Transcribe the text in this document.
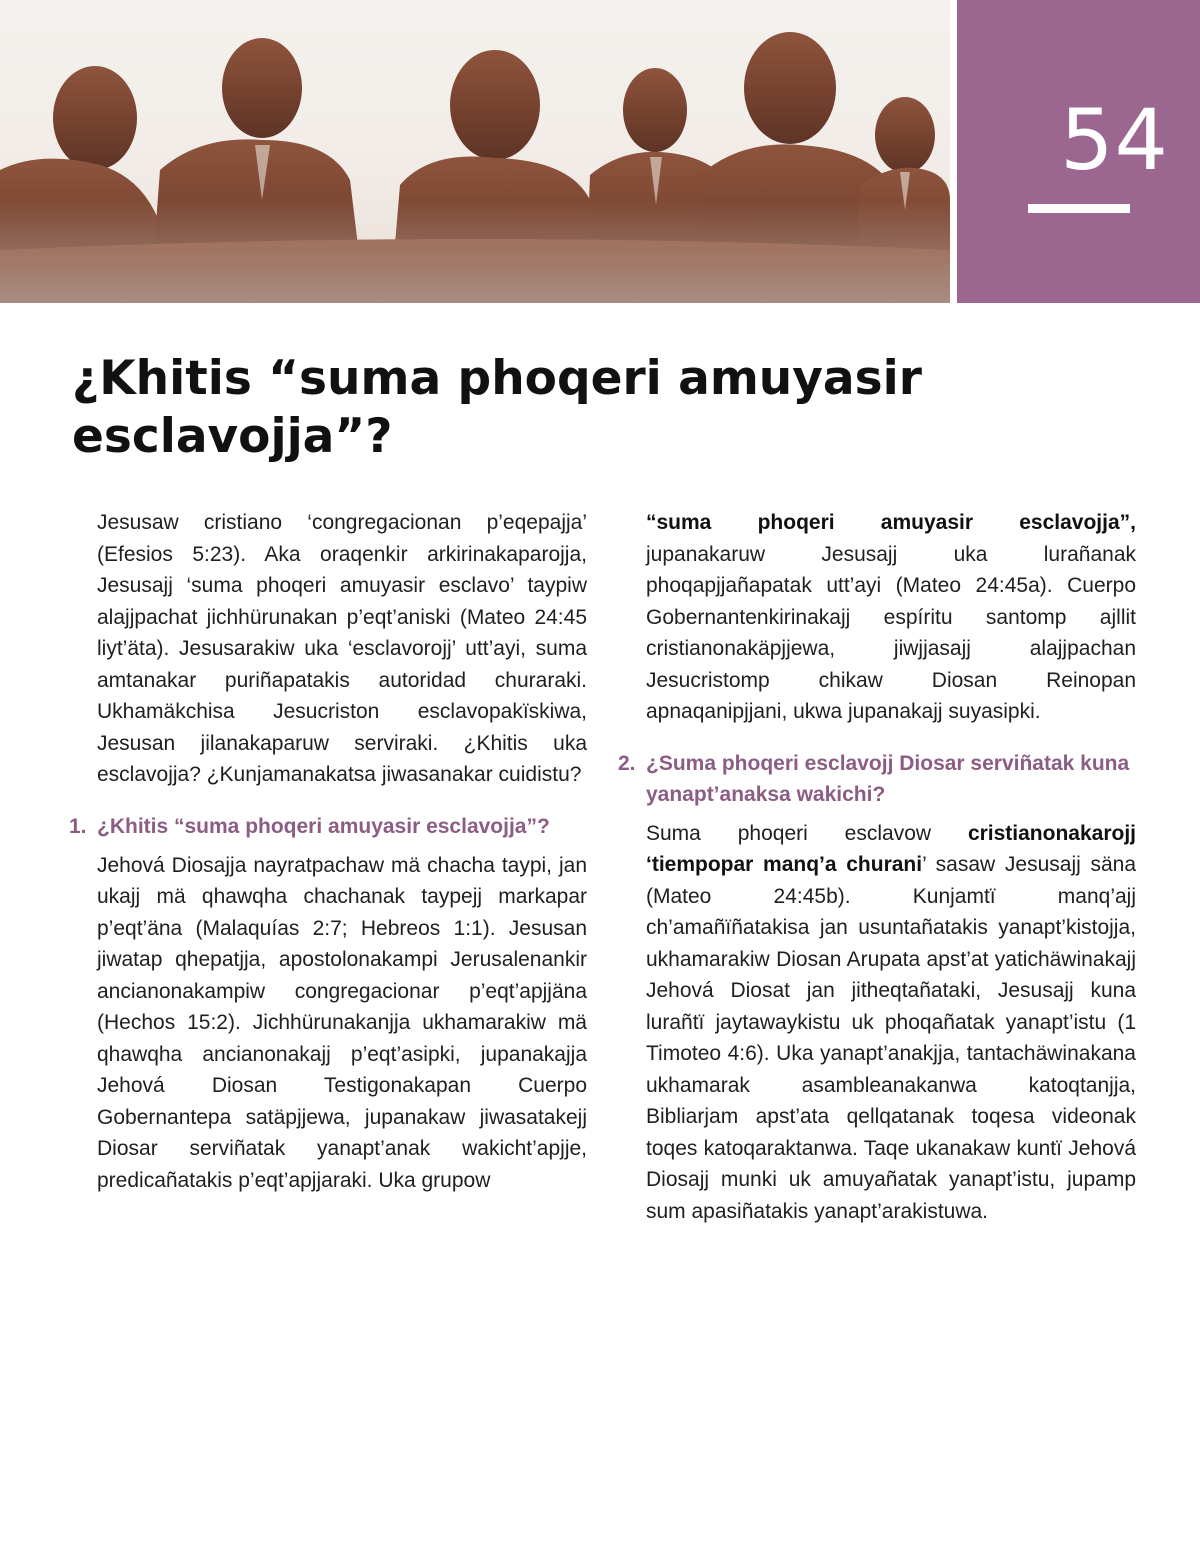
54
¿Khitis “suma phoqeri amuyasir esclavojja”?

Jesusaw cristiano ‘congregacionan p’eqepajja’ (Efesios 5:23). Aka oraqenkir arkirinakaparojja, Jesusajj ‘suma phoqeri amuyasir esclavo’ taypiw alajjpachat jichhürunakan p’eqt’aniski (Mateo 24:45 liyt’äta). Jesusarakiw uka ‘esclavorojj’ utt’ayi, suma amtanakar puriñapatakis autoridad churaraki. Ukhamäkchisa Jesucriston esclavopakïskiwa, Jesusan jilanakaparuw serviraki. ¿Khitis uka esclavojja? ¿Kunjamanakatsa jiwasanakar cuidistu?

1. ¿Khitis “suma phoqeri amuyasir esclavojja”?

Jehová Diosajja nayratpachaw mä chacha taypi, jan ukajj mä qhawqha chachanak taypejj markapar p’eqt’äna (Malaquías 2:7; Hebreos 1:1). Jesusan jiwatap qhepatjja, apostolonakampi Jerusalenankir ancianonakampiw congregacionar p’eqt’apjjäna (Hechos 15:2). Jichhürunakanjja ukhamarakiw mä qhawqha ancianonakajj p’eqt’asipki, jupanakajja Jehová Diosan Testigonakapan Cuerpo Gobernantepa satäpjjewa, jupanakaw jiwasatakejj Diosar serviñatak yanapt’anak wakicht’apjje, predicañatakis p’eqt’apjjaraki. Uka grupow

“suma phoqeri amuyasir esclavojja”, jupanakaruw Jesusajj uka lurañanak phoqapjjañapatak utt’ayi (Mateo 24:45a). Cuerpo Gobernantenkirinakajj espíritu santomp ajllit cristianonakäpjjewa, jiwjjasajj alajjpachan Jesucristomp chikaw Diosan Reinopan apnaqanipjjani, ukwa jupanakajj suyasipki.

2. ¿Suma phoqeri esclavojj Diosar serviñatak kuna yanapt’anaksa wakichi?

Suma phoqeri esclavow cristianonakarojj ‘tiempopar manq’a churani’ sasaw Jesusajj säna (Mateo 24:45b). Kunjamtï manq’ajj ch’amañïñatakisa jan usuntañatakis yanapt’kistojja, ukhamarakiw Diosan Arupata apst’at yatichäwinakajj Jehová Diosat jan jitheqtañataki, Jesusajj kuna lurañtï jaytawaykistu uk phoqañatak yanapt’istu (1 Timoteo 4:6). Uka yanapt’anakjja, tantachäwinakana ukhamarak asambleanakanwa katoqtanjja, Bibliarjam apst’ata qellqatanak toqesa videonak toqes katoqaraktanwa. Taqe ukanakaw kuntï Jehová Diosajj munki uk amuyañatak yanapt’istu, jupamp sum apasiñatakis yanapt’arakistuwa.
